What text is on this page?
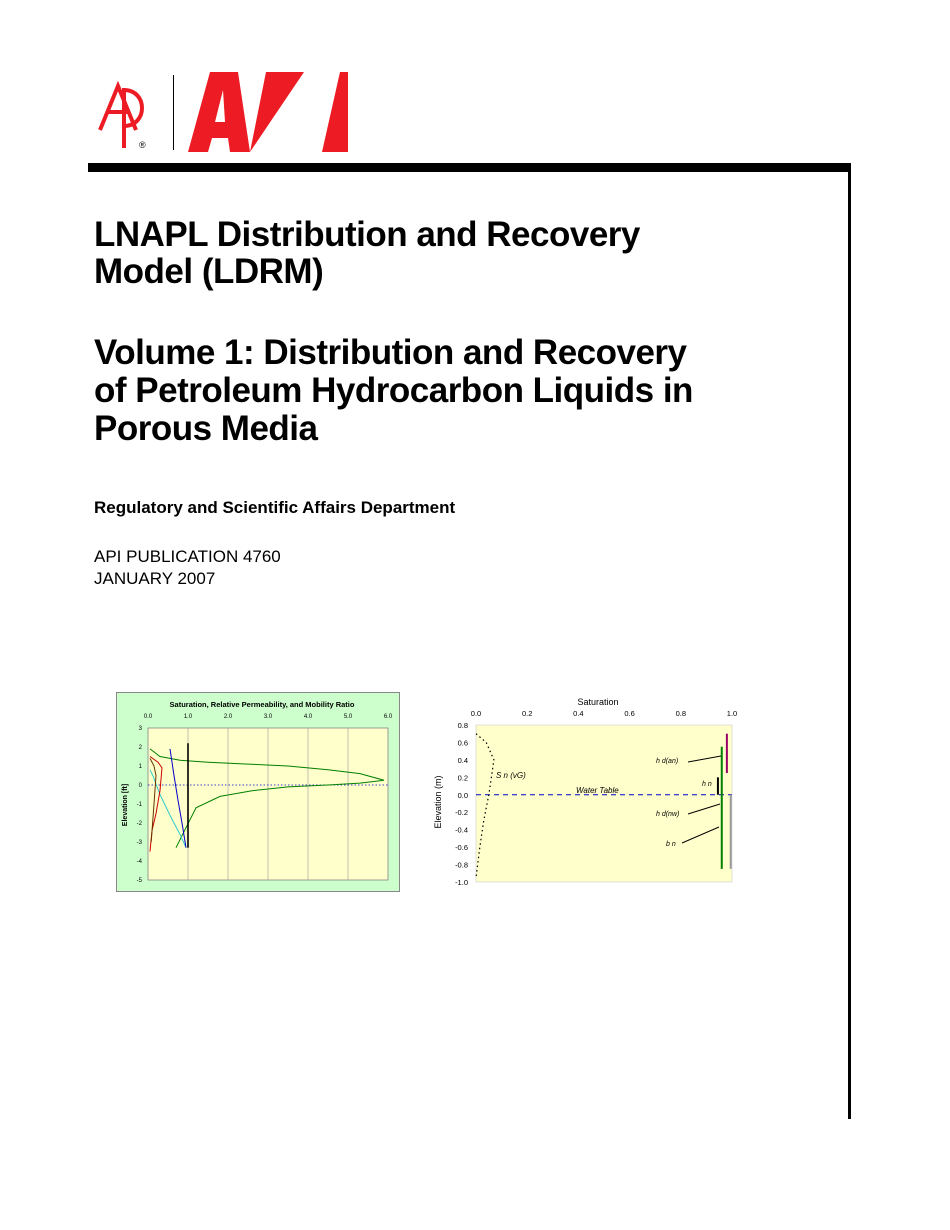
®
LNAPL Distribution and Recovery
Model (LDRM)
Volume 1: Distribution and Recovery
of Petroleum Hydrocarbon Liquids in
Porous Media
Regulatory and Scientific Affairs Department
API PUBLICATION 4760
JANUARY 2007
Saturation, Relative Permeability, and Mobility Ratio
Elevation [ft]
0.0	1.0	2.0	3.0	4.0	5.0	6.0
3
2
1
0
-1
-2
-3
-4
-5
Saturation
Elevation (m)
0.0	0.2	0.4	0.6	0.8	1.0
0.8
0.6
0.4
0.2
0.0
-0.2
-0.4
-0.6
-0.8
-1.0
S n (vG)
Water Table
h d(an)
h n
h d(nw)
b n
